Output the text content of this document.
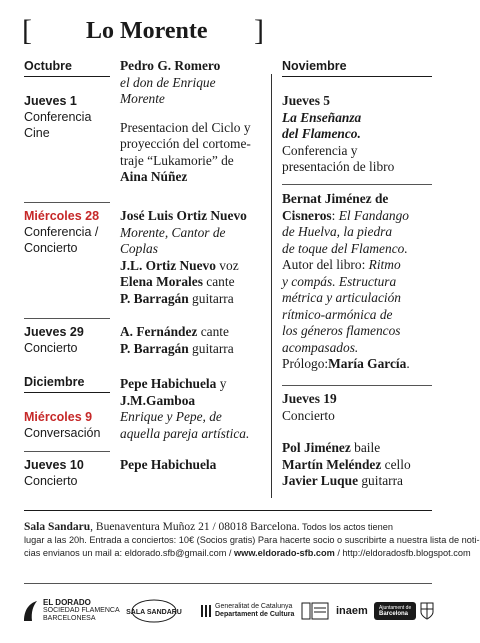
[ Lo Morente ]
Octubre	Pedro G. Romero
el don de Enrique
Morente
Presentacion del Ciclo y
proyección del cortome-
traje “Lukamorie” de
Aina Núñez
Jueves 1
Conferencia
Cine
Miércoles 28
Conferencia /
Concierto
José Luis Ortiz Nuevo
Morente, Cantor de
Coplas
J.L. Ortiz Nuevo voz
Elena Morales cante
P. Barragán guitarra
Jueves 29
Concierto
A. Fernández cante
P. Barragán guitarra
Diciembre
Miércoles 9
Conversación
Pepe Habichuela y
J.M.Gamboa
Enrique y Pepe, de
aquella pareja artística.
Jueves 10
Concierto
Pepe Habichuela
Noviembre
Jueves 5
La Enseñanza
del Flamenco.
Conferencia y
presentación de libro
Bernat Jiménez de
Cisneros: El Fandango
de Huelva, la piedra
de toque del Flamenco.
Autor del libro: Ritmo
y compás. Estructura
métrica y articulación
rítmico-armónica de
los géneros flamencos
acompasados.
Prólogo:María García.
Jueves 19
Concierto
Pol Jiménez baile
Martín Meléndez cello
Javier Luque guitarra
Sala Sandaru, Buenaventura Muñoz 21 / 08018 Barcelona. Todos los actos tienen
lugar a las 20h. Entrada a conciertos: 10€ (Socios gratis) Para hacerte socio o suscribirte a nuestra lista de noti-
cias envianos un mail a: eldorado.sfb@gmail.com / www.eldorado-sfb.com / http://eldoradosfb.blogspot.com
EL DORADO
SOCIEDAD FLAMENCA
BARCELONESA
SALA SANDARU
Generalitat de Catalunya
Departament de Cultura	inaem Ajuntament de
Barcelona
